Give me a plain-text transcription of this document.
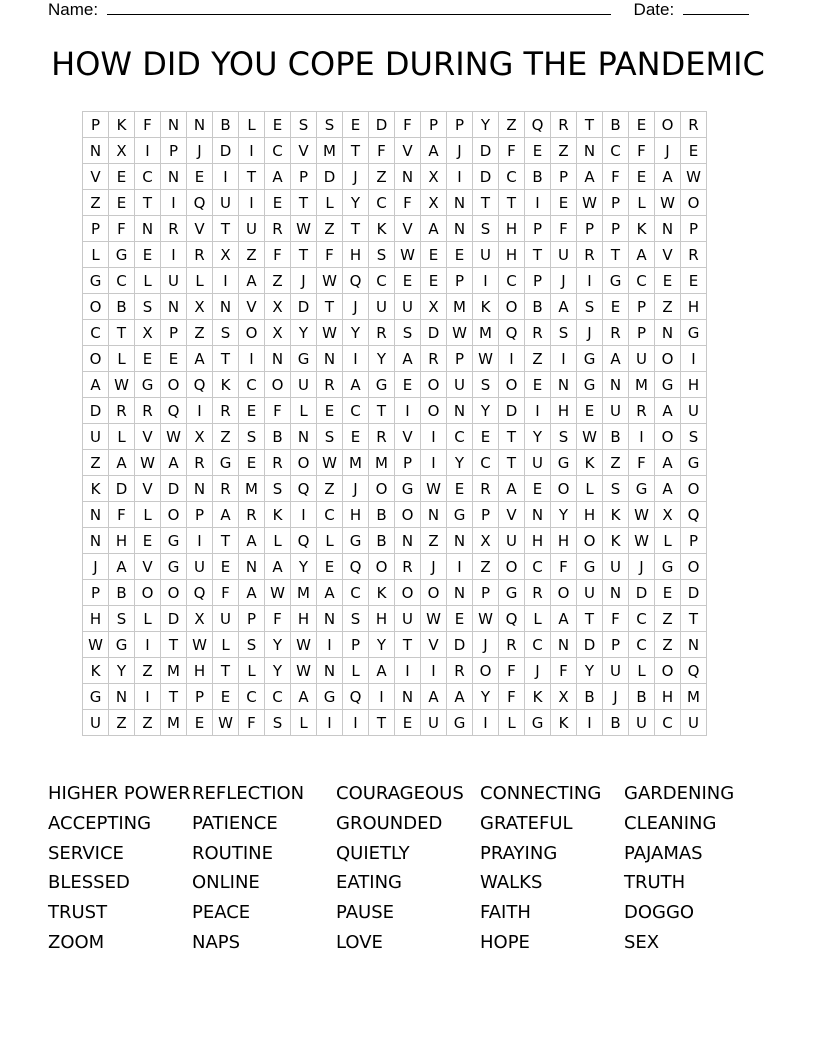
Name:	Date:
HOW DID YOU COPE DURING THE PANDEMIC
P	K	F	N	N	B	L	E	S	S	E	D	F	P	P	Y	Z	Q	R	T	B	E	O	R
N	X	I	P	J	D	I	C	V	M	T	F	V	A	J	D	F	E	Z	N	C	F	J	E
V	E	C	N	E	I	T	A	P	D	J	Z	N	X	I	D	C	B	P	A	F	E	A	W
Z	E	T	I	Q	U	I	E	T	L	Y	C	F	X	N	T	T	I	E	W	P	L	W	O
P	F	N	R	V	T	U	R	W	Z	T	K	V	A	N	S	H	P	F	P	P	K	N	P
L	G	E	I	R	X	Z	F	T	F	H	S	W	E	E	U	H	T	U	R	T	A	V	R
G	C	L	U	L	I	A	Z	J	W	Q	C	E	E	P	I	C	P	J	I	G	C	E	E
O	B	S	N	X	N	V	X	D	T	J	U	U	X	M	K	O	B	A	S	E	P	Z	H
C	T	X	P	Z	S	O	X	Y	W	Y	R	S	D	W	M	Q	R	S	J	R	P	N	G
O	L	E	E	A	T	I	N	G	N	I	Y	A	R	P	W	I	Z	I	G	A	U	O	I
A	W	G	O	Q	K	C	O	U	R	A	G	E	O	U	S	O	E	N	G	N	M	G	H
D	R	R	Q	I	R	E	F	L	E	C	T	I	O	N	Y	D	I	H	E	U	R	A	U
U	L	V	W	X	Z	S	B	N	S	E	R	V	I	C	E	T	Y	S	W	B	I	O	S
Z	A	W	A	R	G	E	R	O	W	M	M	P	I	Y	C	T	U	G	K	Z	F	A	G
K	D	V	D	N	R	M	S	Q	Z	J	O	G	W	E	R	A	E	O	L	S	G	A	O
N	F	L	O	P	A	R	K	I	C	H	B	O	N	G	P	V	N	Y	H	K	W	X	Q
N	H	E	G	I	T	A	L	Q	L	G	B	N	Z	N	X	U	H	H	O	K	W	L	P
J	A	V	G	U	E	N	A	Y	E	Q	O	R	J	I	Z	O	C	F	G	U	J	G	O
P	B	O	O	Q	F	A	W	M	A	C	K	O	O	N	P	G	R	O	U	N	D	E	D
H	S	L	D	X	U	P	F	H	N	S	H	U	W	E	W	Q	L	A	T	F	C	Z	T
W	G	I	T	W	L	S	Y	W	I	P	Y	T	V	D	J	R	C	N	D	P	C	Z	N
K	Y	Z	M	H	T	L	Y	W	N	L	A	I	I	R	O	F	J	F	Y	U	L	O	Q
G	N	I	T	P	E	C	C	A	G	Q	I	N	A	A	Y	F	K	X	B	J	B	H	M
U	Z	Z	M	E	W	F	S	L	I	I	T	E	U	G	I	L	G	K	I	B	U	C	U
HIGHER POWER
ACCEPTING
SERVICE
BLESSED
TRUST
ZOOM
REFLECTION
PATIENCE
ROUTINE
ONLINE
PEACE
NAPS
COURAGEOUS
GROUNDED
QUIETLY
EATING
PAUSE
LOVE
CONNECTING
GRATEFUL
PRAYING
WALKS
FAITH
HOPE
GARDENING
CLEANING
PAJAMAS
TRUTH
DOGGO
SEX
